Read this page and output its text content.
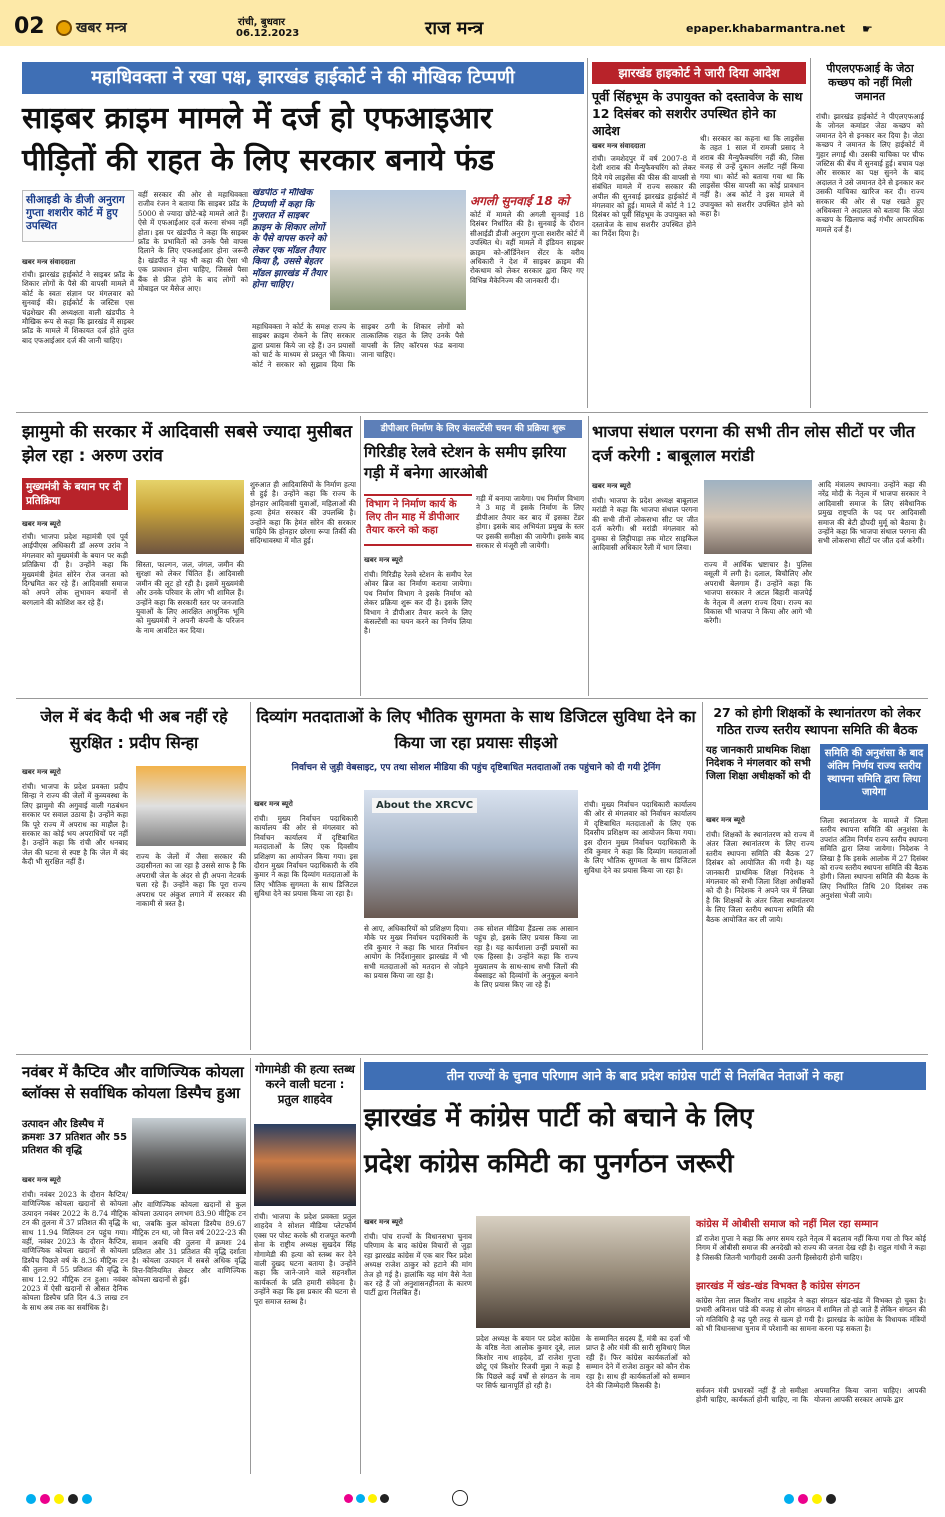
02 खबर मन्त्र	रांची, बुधवार
06.12.2023	राज मन्त्र	epaper.khabarmantra.net ☛
महाधिवक्ता ने रखा पक्ष, झारखंड हाईकोर्ट ने की मौखिक टिप्पणी
साइबर क्राइम मामले में दर्ज हो एफआइआर
पीड़ितों की राहत के लिए सरकार बनाये फंड
सीआइडी के डीजी अनुराग गुप्ता शशरीर कोर्ट में हुए उपस्थित
खबर मन्त्र संवाददाता
रांची। झारखंड हाईकोर्ट ने साइबर फ्रॉड के शिकार लोगों के पैसे की वापसी मामले में कोर्ट के स्वतः संज्ञान पर मंगलवार को सुनवाई की। हाईकोर्ट के जस्टिस एस चंद्रशेखर की अध्यक्षता वाली खंडपीठ ने मौखिक रूप से कहा कि झारखंड में साइबर फ्रॉड के मामले में शिकायत दर्ज होते तुरंत बाद एफआईआर दर्ज की जानी चाहिए।
वहीं सरकार की ओर से महाधिवक्ता राजीव रंजन ने बताया कि साइबर फ्रॉड के 5000 से ज्यादा छोटे-बड़े मामले आते हैं। ऐसे में एफआईआर दर्ज करना संभव नहीं होता। इस पर खंडपीठ ने कहा कि साइबर फ्रॉड के प्रभावितों को उनके पैसे वापस दिलाने के लिए एफआईआर होना जरूरी है। खंडपीठ ने यह भी कहा की ऐसा भी एक प्रावधान होना चाहिए, जिससे पैसा बैंक से फ्रीज होने के बाद लोगों को मोबाइल पर मैसेज आए।
खंडपीठ ने मौखिक टिप्पणी में कहा कि गुजरात में साइबर क्राइम के शिकार लोगों के पैसे वापस करने को लेकर एक मॉडल तैयार किया है, उससे बेहतर मॉडल झारखंड में तैयार होना चाहिए।
महाधिवक्ता ने कोर्ट के समक्ष राज्य के साइबर क्राइम रोकने के लिए सरकार द्वारा प्रयास किये जा रहे हैं। उन प्रयासों को चार्ट के माध्यम से प्रस्तुत भी किया। कोर्ट ने सरकार को सुझाव दिया कि साइबर ठगी के शिकार लोगों को तात्कालिक राहत के लिए उनके पैसे वापसी के लिए कॉरपस फंड बनाया जाना चाहिए।
अगली सुनवाई 18 को
कोर्ट में मामले की अगली सुनवाई 18 दिसंबर निर्धारित की है। सुनवाई के दौरान सीआईडी डीजी अनुराग गुप्ता सशरीर कोर्ट में उपस्थित थे। वहीं मामले में इंडियन साइबर क्राइम को-ऑर्डिनेशन सेंटर के वरीय अधिकारी ने देश में साइबर क्राइम की रोकथाम को लेकर सरकार द्वारा किए गए विभिन्न मैकेनिज्म की जानकारी दी।
झारखंड हाइकोर्ट ने जारी दिया आदेश
पूर्वी सिंहभूम के उपायुक्त को दस्तावेज के साथ 12 दिसंबर को सशरीर उपस्थित होने का आदेश
खबर मन्त्र संवाददाता
रांची। जमशेदपुर में वर्ष 2007-8 में देशी शराब की मैन्युफैक्चरिंग को लेकर दिये गये लाइसेंस की फीस की वापसी से संबंधित मामले में राज्य सरकार की अपील की सुनवाई झारखंड हाईकोर्ट में मंगलवार को हुई। मामले में कोर्ट ने 12 दिसंबर को पूर्वी सिंहभूम के उपायुक्त को दस्तावेज के साथ सशरीर उपस्थित होने का निर्देश दिया है।
थी। सरकार का कहना था कि लाइसेंस के तहत 1 साल में रामजी प्रसाद ने शराब की मैन्युफैक्चरिंग नहीं की, जिस वजह से उन्हें दुकान अलॉट नहीं किया गया था। कोर्ट को बताया गया था कि लाइसेंस फीस वापसी का कोई प्रावधान नहीं है। अब कोर्ट ने इस मामले में उपायुक्त को सशरीर उपस्थित होने को कहा है।
पीएलएफआई के जेठा कच्छप को नहीं मिली जमानत
रांची। झारखंड हाईकोर्ट ने पीएलएफआई के जोनल कमांडर जेठा कच्छप को जमानत देने से इनकार कर दिया है। जेठा कच्छप ने जमानत के लिए हाईकोर्ट में गुहार लगाई थी। उसकी याचिका पर चीफ जस्टिस की बेंच में सुनवाई हुई। बचाव पक्ष और सरकार का पक्ष सुनने के बाद अदालत ने उसे जमानत देने से इनकार कर उसकी याचिका खारिज कर दी। राज्य सरकार की ओर से पक्ष रखते हुए अधिवक्ता ने अदालत को बताया कि जेठा कच्छप के खिलाफ कई गंभीर आपराधिक मामले दर्ज हैं।
झामुमो की सरकार में आदिवासी सबसे ज्यादा मुसीबत झेल रहा : अरुण उरांव
मुख्यमंत्री के बयान पर दी प्रतिक्रिया
खबर मन्त्र ब्यूरो
रांची। भाजपा प्रदेश महामंत्री एवं पूर्व आईपीएस अधिकारी डॉ अरुण उरांव ने मंगलवार को मुख्यमंत्री के बयान पर कड़ी प्रतिक्रिया दी है। उन्होंने कहा कि मुख्यमंत्री हेमंत सोरेन रोज जनता को दिग्भ्रमित कर रहे हैं। आदिवासी समाज को अपने लोक लुभावन बयानों से बरगलाने की कोशिश कर रहे हैं।
सिस्ता, फाल्गन, जल, जंगल, जमीन की सुरक्षा को लेकर चिंतित हैं। आदिवासी जमीन की लूट हो रही है। इसमें मुख्यमंत्री और उनके परिवार के लोग भी शामिल हैं। उन्होंने कहा कि सरकारी स्तर पर जनजाति युवाओं के लिए आरक्षित आधुनिक भूमि को मुख्यमंत्री ने अपनी कंपनी के परिजन के नाम आवंटित कर दिया।
शुरुआत ही आदिवासियों के निर्माण हत्या से हुई है। उन्होंने कहा कि राज्य के होनहार आदिवासी युवाओं, महिलाओं की हत्या हेमंत सरकार की उपलब्धि है। उन्होंने कहा कि हेमंत सोरेन की सरकार चाहिये कि होनहार छोरगा रूपा तिर्की की संदिग्धावस्था में मौत हुई।
डीपीआर निर्माण के लिए कंसल्टेंसी चयन की प्रक्रिया शुरू
गिरिडीह रेलवे स्टेशन के समीप झरिया गड़ी में बनेगा आरओबी
विभाग ने निर्माण कार्य के लिए तीन माह में डीपीआर तैयार करने को कहा
खबर मन्त्र ब्यूरो
रांची। गिरिडीह रेलवे स्टेशन के समीप रेल ओवर ब्रिज का निर्माण कराया जायेगा। पथ निर्माण विभाग ने इसके निर्माण को लेकर प्रक्रिया शुरू कर दी है। इसके लिए विभाग ने डीपीआर तैयार करने के लिए कंसल्टेंसी का चयन करने का निर्णय लिया है।
गड़ी में बनाया जायेगा। पथ निर्माण विभाग ने 3 माह में इसके निर्माण के लिए डीपीआर तैयार कर बाद में इसका टेंडर होगा। इसके बाद अभियंता प्रमुख के स्तर पर इसकी समीक्षा की जायेगी। इसके बाद सरकार से मंजूरी ली जायेगी।
भाजपा संथाल परगना की सभी तीन लोस सीटों पर जीत दर्ज करेगी : बाबूलाल मरांडी
खबर मन्त्र ब्यूरो
रांची। भाजपा के प्रदेश अध्यक्ष बाबूलाल मरांडी ने कहा कि भाजपा संथाल परगना की सभी तीनों लोकसभा सीट पर जीत दर्ज करेगी। श्री मरांडी मंगलवार को दुमका से लिट्टीपाड़ा तक मोटर साइकिल आदिवासी अधिकार रैली में भाग लिया।
राज्य में आर्थिक भ्रष्टाचार है। पुलिस वसूली में लगी है। दलाल, बिचौलिए और अपराधी बेलगाम हैं। उन्होंने कहा कि भाजपा सरकार ने अटल बिहारी वाजपेई के नेतृत्व में अलग राज्य दिया। राज्य का विकास भी भाजपा ने किया और आगे भी करेगी।
आदि मंत्रालय स्थापना। उन्होंने कहा की नरेंद्र मोदी के नेतृत्व में भाजपा सरकार ने आदिवासी समाज के लिए संवैधानिक प्रमुख राष्ट्रपति के पद पर आदिवासी समाज की बेटी द्रौपदी मुर्मू को बैठाया है। उन्होंने कहा कि भाजपा संथाल परगना की सभी लोकसभा सीटों पर जीत दर्ज करेगी।
जेल में बंद कैदी भी अब नहीं रहे सुरक्षित : प्रदीप सिन्हा
खबर मन्त्र ब्यूरो
रांची। भाजपा के प्रदेश प्रवक्ता प्रदीप सिन्हा ने राज्य की जेलों में कुव्यवस्था के लिए झामुमो की अगुवाई वाली गठबंधन सरकार पर सवाल उठाया है। उन्होंने कहा कि पूरे राज्य में अपराध का माहौल है। सरकार का कोई भय अपराधियों पर नहीं है। उन्होंने कहा कि रांची और धनबाद जेल की घटना से स्पष्ट है कि जेल में बंद कैदी भी सुरक्षित नहीं हैं।
राज्य के जेलों में जैसा सरकार की उदासीनता का जा रहा है उससे साफ है कि अपराधी जेल के अंदर से ही अपना नेटवर्क चला रहे हैं। उन्होंने कहा कि पूरा राज्य अपराध पर अंकुश लगाने में सरकार की नाकामी से त्रस्त है।
दिव्यांग मतदाताओं के लिए भौतिक सुगमता के साथ डिजिटल सुविधा देने का किया जा रहा प्रयासः सीइओ
निर्वाचन से जुड़ी वेबसाइट, एप तथा सोशल मीडिया की पहुंच दृष्टिबाधित मतदाताओं तक पहुंचाने को दी गयी ट्रेनिंग
खबर मन्त्र ब्यूरो
रांची। मुख्य निर्वाचन पदाधिकारी कार्यालय की ओर से मंगलवार को निर्वाचन कार्यालय में दृष्टिबाधित मतदाताओं के लिए एक दिवसीय प्रशिक्षण का आयोजन किया गया। इस दौरान मुख्य निर्वाचन पदाधिकारी के रवि कुमार ने कहा कि दिव्यांग मतदाताओं के लिए भौतिक सुगमता के साथ डिजिटल सुविधा देने का प्रयास किया जा रहा है।
About the XRCVC
से आए, अधिकारियों को प्रशिक्षण दिया। मौके पर मुख्य निर्वाचन पदाधिकारी के रवि कुमार ने कहा कि भारत निर्वाचन आयोग के निर्देशानुसार झारखंड में भी सभी मतदाताओं को मतदान से जोड़ने का प्रयास किया जा रहा है।
तक सोशल मीडिया हैंडल्स तक आसान पहुंच हो, इसके लिए प्रयास किया जा रहा है। यह कार्यशाला उन्हीं प्रयासों का एक हिस्सा है। उन्होंने कहा कि राज्य मुख्यालय के साथ-साथ सभी जिलों की वेबसाइट को दिव्यांगों के अनुकूल बनाने के लिए प्रयास किए जा रहे हैं।
रांची। मुख्य निर्वाचन पदाधिकारी कार्यालय की ओर से मंगलवार को निर्वाचन कार्यालय में दृष्टिबाधित मतदाताओं के लिए एक दिवसीय प्रशिक्षण का आयोजन किया गया। इस दौरान मुख्य निर्वाचन पदाधिकारी के रवि कुमार ने कहा कि दिव्यांग मतदाताओं के लिए भौतिक सुगमता के साथ डिजिटल सुविधा देने का प्रयास किया जा रहा है।
27 को होगी शिक्षकों के स्थानांतरण को लेकर गठित राज्य स्तरीय स्थापना समिति की बैठक
यह जानकारी प्राथमिक शिक्षा निदेशक ने मंगलवार को सभी जिला शिक्षा अधीक्षकों को दी
समिति की अनुशंसा के बाद अंतिम निर्णय राज्य स्तरीय स्थापना समिति द्वारा लिया जायेगा
खबर मन्त्र ब्यूरो
रांची। शिक्षकों के स्थानांतरण को राज्य में अंतर जिला स्थानांतरण के लिए राज्य स्तरीय स्थापना समिति की बैठक 27 दिसंबर को आयोजित की गयी है। यह जानकारी प्राथमिक शिक्षा निदेशक ने मंगलवार को सभी जिला शिक्षा अधीक्षकों को दी है। निदेशक ने अपने पत्र में लिखा है कि शिक्षकों के अंतर जिला स्थानांतरण के लिए जिला स्तरीय स्थापना समिति की बैठक आयोजित कर ली जाये।
जिला स्थानांतरण के मामले में जिला स्तरीय स्थापना समिति की अनुशंसा के उपरांत अंतिम निर्णय राज्य स्तरीय स्थापना समिति द्वारा लिया जायेगा। निदेशक ने लिखा है कि इसके आलोक में 27 दिसंबर को राज्य स्तरीय स्थापना समिति की बैठक होगी। जिला स्थापना समिति की बैठक के लिए निर्धारित तिथि 20 दिसंबर तक अनुशंसा भेजी जाये।
नवंबर में कैप्टिव और वाणिज्यिक कोयला ब्लॉक्स से सर्वाधिक कोयला डिस्पैच हुआ
उत्पादन और डिस्पैच में क्रमशः 37 प्रतिशत और 55 प्रतिशत की वृद्धि
खबर मन्त्र ब्यूरो
रांची। नवंबर 2023 के दौरान कैप्टिव/वाणिज्यिक कोयला खदानों से कोयला उत्पादन नवंबर 2022 के 8.74 मीट्रिक टन की तुलना में 37 प्रतिशत की वृद्धि के साथ 11.94 मिलियन टन पहुंच गया। वहीं, नवंबर 2023 के दौरान कैप्टिव, वाणिज्यिक कोयला खदानों से कोयला डिस्पैच पिछले वर्ष के 8.36 मीट्रिक टन की तुलना में 55 प्रतिशत की वृद्धि के साथ 12.92 मीट्रिक टन हुआ। नवंबर 2023 में ऐसी खदानों से औसत दैनिक कोयला डिस्पैच प्रति दिन 4.3 लाख टन के साथ अब तक का सर्वाधिक है।
और वाणिज्यिक कोयला खदानों से कुल कोयला उत्पादन लगभग 83.90 मीट्रिक टन था, जबकि कुल कोयला डिस्पैच 89.67 मीट्रिक टन था, जो वित्त वर्ष 2022-23 की समान अवधि की तुलना में क्रमशः 24 प्रतिशत और 31 प्रतिशत की वृद्धि दर्शाता है। कोयला उत्पादन में सबसे अधिक वृद्धि वित्त-विनियमित सेक्टर और वाणिज्यिक कोयला खदानों से हुई।
गोगामेडी की हत्या स्तब्ध करने वाली घटना : प्रतुल शाहदेव
रांची। भाजपा के प्रदेश प्रवक्ता प्रतुल शाहदेव ने सोशल मीडिया प्लेटफॉर्म एक्स पर पोस्ट करके श्री राजपूत करणी सेना के राष्ट्रीय अध्यक्ष सुखदेव सिंह गोगामेडी की हत्या को स्तब्ध कर देने वाली दुखद घटना बताया है। उन्होंने कहा कि जाने-जाने वाले सहनशील कार्यकर्ता के प्रति हमारी संवेदना है। उन्होंने कहा कि इस प्रकार की घटना से पूरा समाज स्तब्ध है।
तीन राज्यों के चुनाव परिणाम आने के बाद प्रदेश कांग्रेस पार्टी से निलंबित नेताओं ने कहा
झारखंड में कांग्रेस पार्टी को बचाने के लिए
प्रदेश कांग्रेस कमिटी का पुनर्गठन जरूरी
खबर मन्त्र ब्यूरो
रांची। पांच राज्यों के विधानसभा चुनाव परिणाम के बाद कांग्रेस विचारों से जुड़ा रहा झारखंड कांग्रेस में एक बार फिर प्रदेश अध्यक्ष राजेश ठाकुर को हटाने की मांग तेज हो गई है। हालांकि यह मांग वैसे नेता कर रहे हैं जो अनुशासनहीनता के कारण पार्टी द्वारा निलंबित हैं।
प्रदेश अध्यक्ष के बयान पर प्रदेश कांग्रेस के वरिष्ठ नेता आलोक कुमार दूबे, लाल किशोर नाथ शाहदेव, डॉ राजेश गुप्ता छोटू एवं किशोर रिजवी मुन्ना ने कहा है कि पिछले कई वर्षों से संगठन के नाम पर सिर्फ खानापूर्ति हो रही है।
के सम्मानित सदस्य हैं, मंत्री का दर्जा भी प्राप्त है और मंत्री की सारी सुविधाएं मिल रही हैं। फिर कांग्रेस कार्यकर्ताओं को सम्मान देने में राजेश ठाकुर को कौन रोक रहा है। साथ ही कार्यकर्ताओं को सम्मान देने की जिम्मेदारी किसकी है।
कांग्रेस में ओबीसी समाज को नहीं मिल रहा सम्मान
डॉ राजेश गुप्ता ने कहा कि अगर समय रहते नेतृत्व में बदलाव नहीं किया गया तो फिर कोई निगम में ओबीसी समाज की अनदेखी को राज्य की जनता देख रही है। राहुल गांधी ने कहा है जिसकी जितनी भागीदारी उसकी उतनी हिस्सेदारी होनी चाहिए।
झारखंड में खंड-खंड विभक्त है कांग्रेस संगठन
कांग्रेस नेता लाल किशोर नाथ शाहदेव ने कहा संगठन खंड-खंड में विभक्त हो चुका है। प्रभारी अविनाश पांडे की वजह से लोग संगठन में शामिल तो हो जाते हैं लेकिन संगठन की जो गतिविधि है वह पूरी तरह से खत्म हो गयी है। झारखंड के कांग्रेस के विधायक मंत्रियों को भी विधानसभा चुनाव में परेशानी का सामना करना पड़ सकता है।
सर्वजन मंत्री प्रभारकों नहीं हैं तो समीक्षा होनी चाहिए, कार्यकर्ता होनी चाहिए, ना कि अपमानित किया जाना चाहिए। आपकी योजना आपकी सरकार आपके द्वार
